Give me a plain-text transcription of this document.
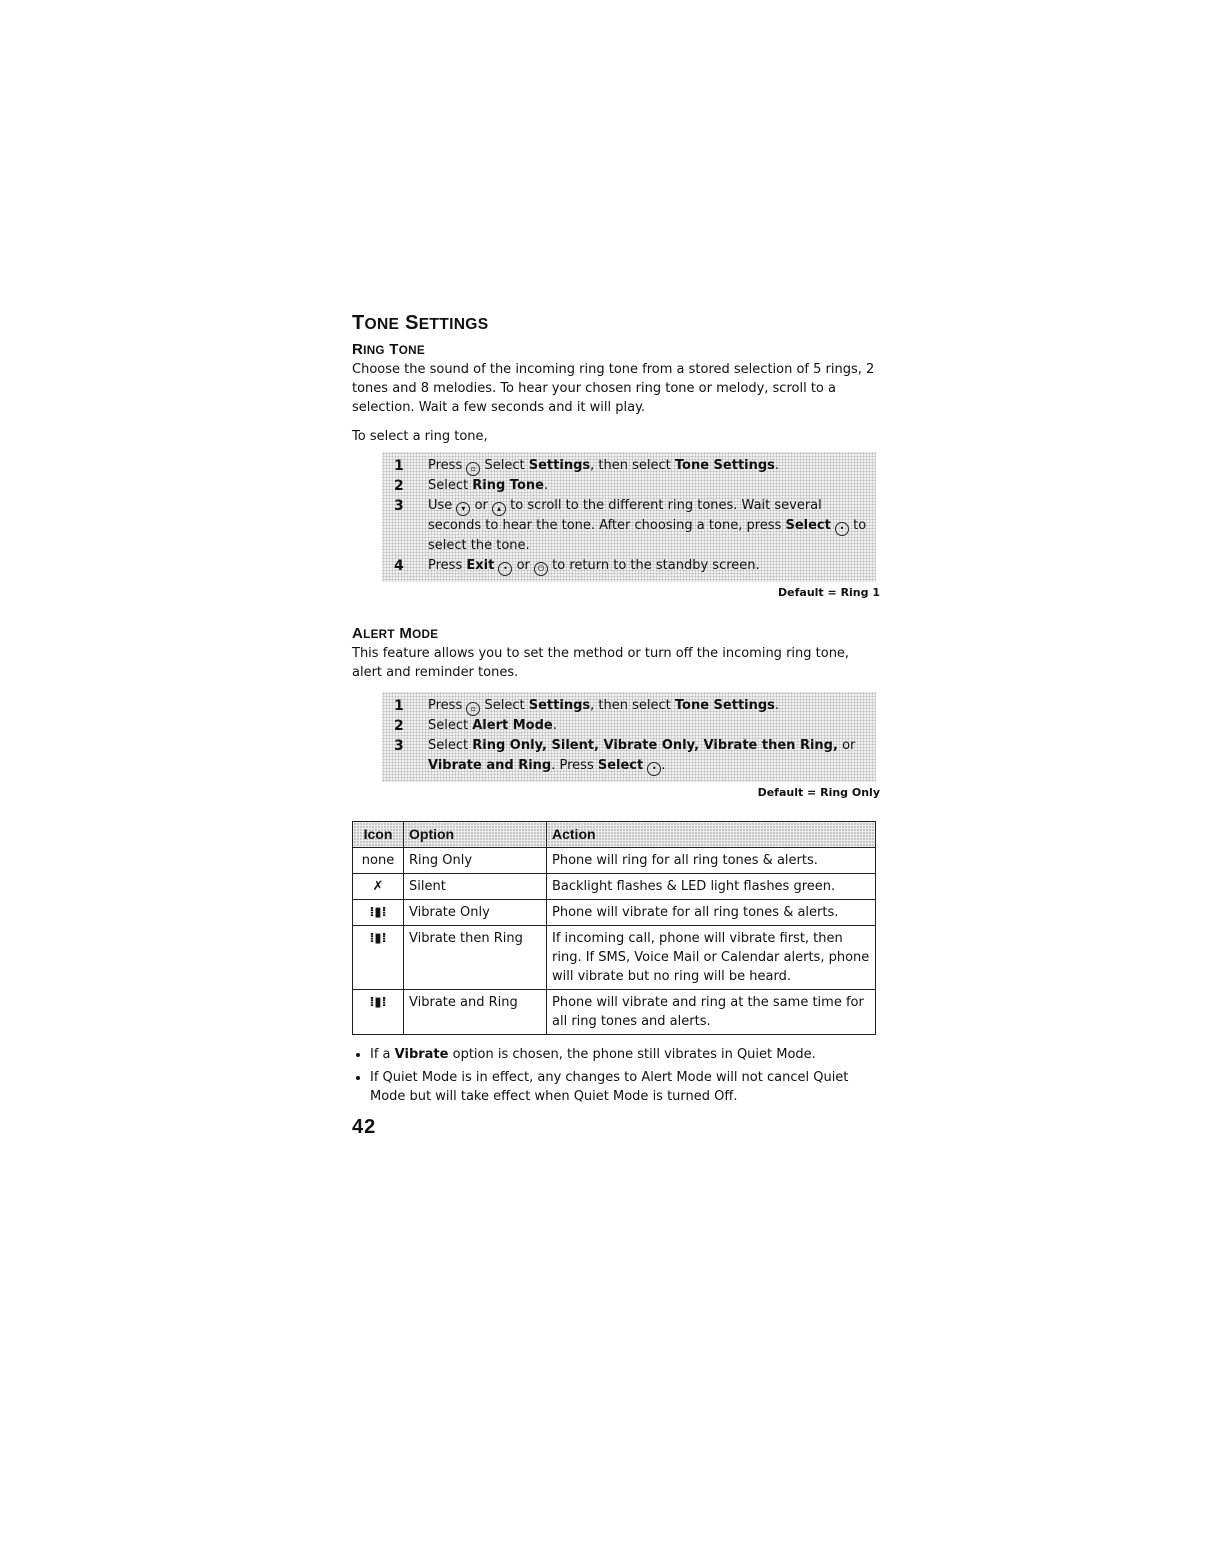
TONE SETTINGS
RING TONE

Choose the sound of the incoming ring tone from a stored selection of 5 rings, 2 tones and 8 melodies. To hear your chosen ring tone or melody, scroll to a selection. Wait a few seconds and it will play.

To select a ring tone,

1	Press ▫ Select Settings, then select Tone Settings.
2	Select Ring Tone.
3	Use ▾ or ▴ to scroll to the different ring tones. Wait several seconds to hear the tone. After choosing a tone, press Select • to select the tone.
4	Press Exit • or ⏻ to return to the standby screen.
Default = Ring 1
ALERT MODE

This feature allows you to set the method or turn off the incoming ring tone, alert and reminder tones.

1	Press ▫ Select Settings, then select Tone Settings.
2	Select Alert Mode.
3	Select Ring Only, Silent, Vibrate Only, Vibrate then Ring, or Vibrate and Ring. Press Select • .
Default = Ring Only
Icon	Option	Action
none	Ring Only	Phone will ring for all ring tones & alerts.
✗	Silent	Backlight flashes & LED light flashes green.
⁞▮⁞	Vibrate Only	Phone will vibrate for all ring tones & alerts.
⁞▮⁞	Vibrate then Ring	If incoming call, phone will vibrate first, then ring. If SMS, Voice Mail or Calendar alerts, phone will vibrate but no ring will be heard.
⁞▮⁞	Vibrate and Ring	Phone will vibrate and ring at the same time for all ring tones and alerts.
• If a Vibrate option is chosen, the phone still vibrates in Quiet Mode.
• If Quiet Mode is in effect, any changes to Alert Mode will not cancel Quiet Mode but will take effect when Quiet Mode is turned Off.
42
